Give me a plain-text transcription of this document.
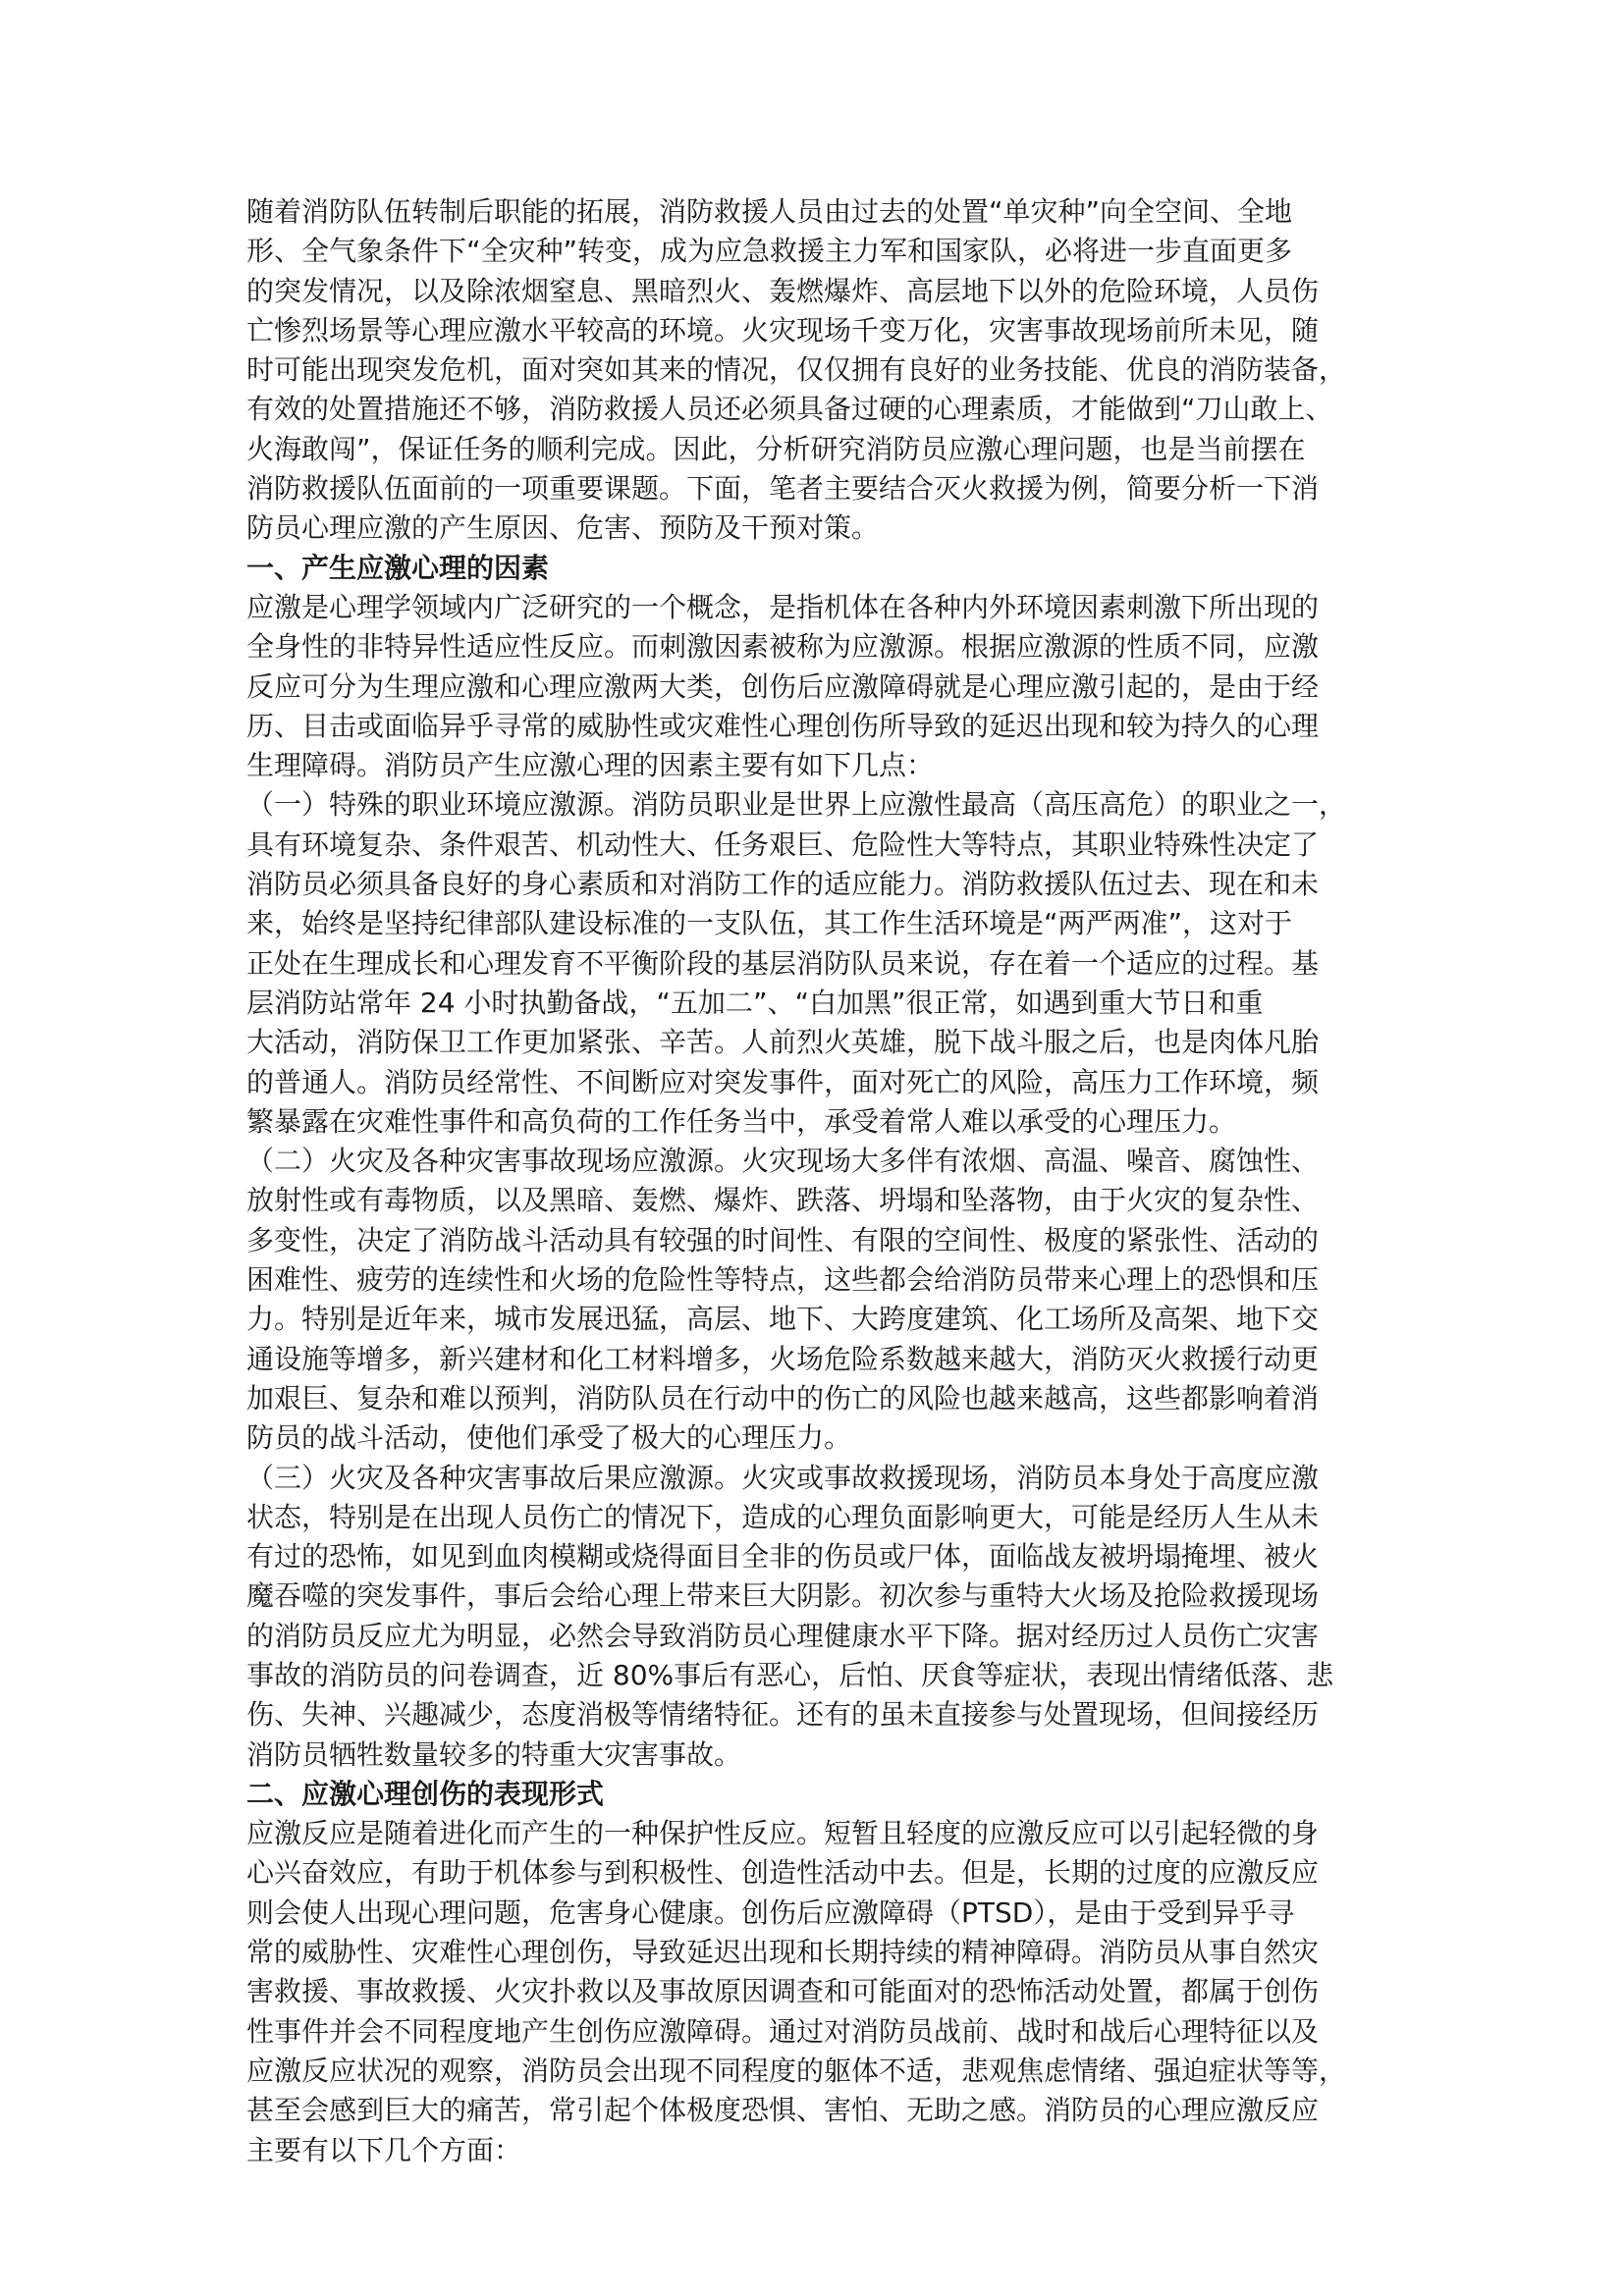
随着消防队伍转制后职能的拓展，消防救援人员由过去的处置“单灾种”向全空间、全地
形、全气象条件下“全灾种”转变，成为应急救援主力军和国家队，必将进一步直面更多
的突发情况，以及除浓烟窒息、黑暗烈火、轰燃爆炸、高层地下以外的危险环境，人员伤
亡惨烈场景等心理应激水平较高的环境。火灾现场千变万化，灾害事故现场前所未见，随
时可能出现突发危机，面对突如其来的情况，仅仅拥有良好的业务技能、优良的消防装备，
有效的处置措施还不够，消防救援人员还必须具备过硬的心理素质，才能做到“刀山敢上、
火海敢闯”，保证任务的顺利完成。因此，分析研究消防员应激心理问题，也是当前摆在
消防救援队伍面前的一项重要课题。下面，笔者主要结合灭火救援为例，简要分析一下消
防员心理应激的产生原因、危害、预防及干预对策。
一、产生应激心理的因素
应激是心理学领域内广泛研究的一个概念，是指机体在各种内外环境因素刺激下所出现的
全身性的非特异性适应性反应。而刺激因素被称为应激源。根据应激源的性质不同，应激
反应可分为生理应激和心理应激两大类，创伤后应激障碍就是心理应激引起的，是由于经
历、目击或面临异乎寻常的威胁性或灾难性心理创伤所导致的延迟出现和较为持久的心理
生理障碍。消防员产生应激心理的因素主要有如下几点：
（一）特殊的职业环境应激源。消防员职业是世界上应激性最高（高压高危）的职业之一，
具有环境复杂、条件艰苦、机动性大、任务艰巨、危险性大等特点，其职业特殊性决定了
消防员必须具备良好的身心素质和对消防工作的适应能力。消防救援队伍过去、现在和未
来，始终是坚持纪律部队建设标准的一支队伍，其工作生活环境是“两严两准”，这对于
正处在生理成长和心理发育不平衡阶段的基层消防队员来说，存在着一个适应的过程。基
层消防站常年 24 小时执勤备战，“五加二”、“白加黑”很正常，如遇到重大节日和重
大活动，消防保卫工作更加紧张、辛苦。人前烈火英雄，脱下战斗服之后，也是肉体凡胎
的普通人。消防员经常性、不间断应对突发事件，面对死亡的风险，高压力工作环境，频
繁暴露在灾难性事件和高负荷的工作任务当中，承受着常人难以承受的心理压力。
（二）火灾及各种灾害事故现场应激源。火灾现场大多伴有浓烟、高温、噪音、腐蚀性、
放射性或有毒物质，以及黑暗、轰燃、爆炸、跌落、坍塌和坠落物，由于火灾的复杂性、
多变性，决定了消防战斗活动具有较强的时间性、有限的空间性、极度的紧张性、活动的
困难性、疲劳的连续性和火场的危险性等特点，这些都会给消防员带来心理上的恐惧和压
力。特别是近年来，城市发展迅猛，高层、地下、大跨度建筑、化工场所及高架、地下交
通设施等增多，新兴建材和化工材料增多，火场危险系数越来越大，消防灭火救援行动更
加艰巨、复杂和难以预判，消防队员在行动中的伤亡的风险也越来越高，这些都影响着消
防员的战斗活动，使他们承受了极大的心理压力。
（三）火灾及各种灾害事故后果应激源。火灾或事故救援现场，消防员本身处于高度应激
状态，特别是在出现人员伤亡的情况下，造成的心理负面影响更大，可能是经历人生从未
有过的恐怖，如见到血肉模糊或烧得面目全非的伤员或尸体，面临战友被坍塌掩埋、被火
魔吞噬的突发事件，事后会给心理上带来巨大阴影。初次参与重特大火场及抢险救援现场
的消防员反应尤为明显，必然会导致消防员心理健康水平下降。据对经历过人员伤亡灾害
事故的消防员的问卷调查，近 80%事后有恶心，后怕、厌食等症状，表现出情绪低落、悲
伤、失神、兴趣减少，态度消极等情绪特征。还有的虽未直接参与处置现场，但间接经历
消防员牺牲数量较多的特重大灾害事故。
二、应激心理创伤的表现形式
应激反应是随着进化而产生的一种保护性反应。短暂且轻度的应激反应可以引起轻微的身
心兴奋效应，有助于机体参与到积极性、创造性活动中去。但是，长期的过度的应激反应
则会使人出现心理问题，危害身心健康。创伤后应激障碍（PTSD），是由于受到异乎寻
常的威胁性、灾难性心理创伤，导致延迟出现和长期持续的精神障碍。消防员从事自然灾
害救援、事故救援、火灾扑救以及事故原因调查和可能面对的恐怖活动处置，都属于创伤
性事件并会不同程度地产生创伤应激障碍。通过对消防员战前、战时和战后心理特征以及
应激反应状况的观察，消防员会出现不同程度的躯体不适，悲观焦虑情绪、强迫症状等等，
甚至会感到巨大的痛苦，常引起个体极度恐惧、害怕、无助之感。消防员的心理应激反应
主要有以下几个方面：
